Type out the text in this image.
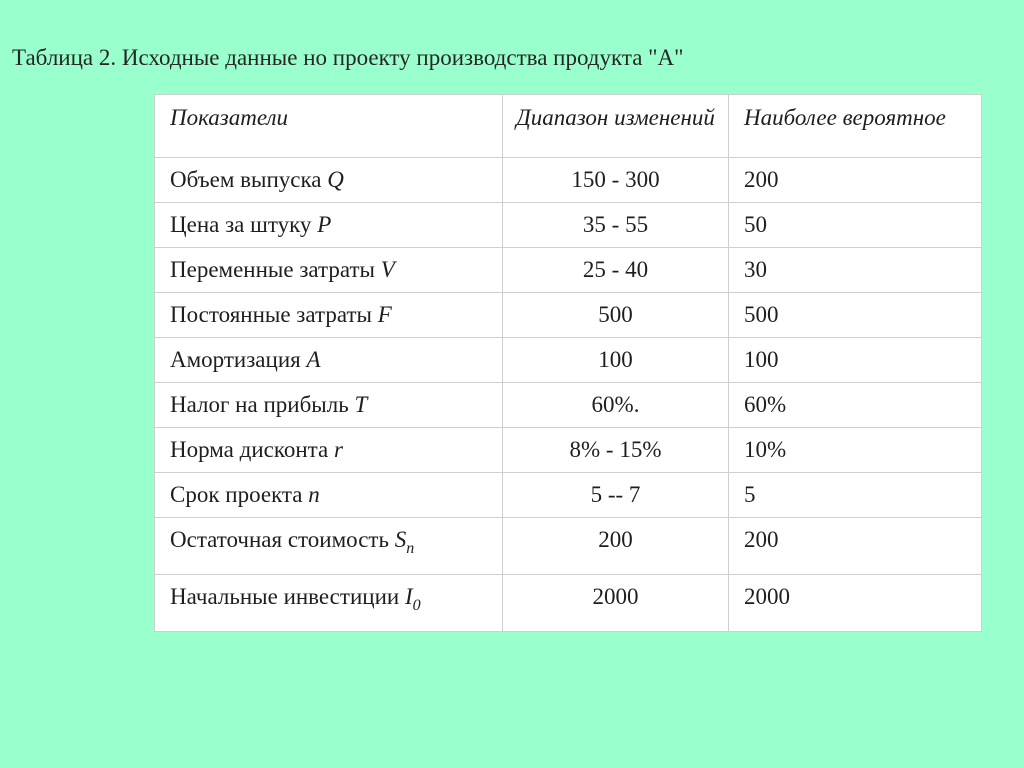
Таблица 2. Исходные данные но проекту производства продукта "А"
Показатели	Диапазон изменений	Наиболее вероятное
Объем выпуска Q	150 - 300	200
Цена за штуку Р	35 - 55	50
Переменные затраты V	25 - 40	30
Постоянные затраты F	500	500
Амортизация А	100	100
Налог на прибыль Т	60%.	60%
Норма дисконта r	8% - 15%	10%
Срок проекта n	5 -- 7	5
Остаточная стоимость $S_n$	200	200
Начальные инвестиции $I_0$	2000	2000
